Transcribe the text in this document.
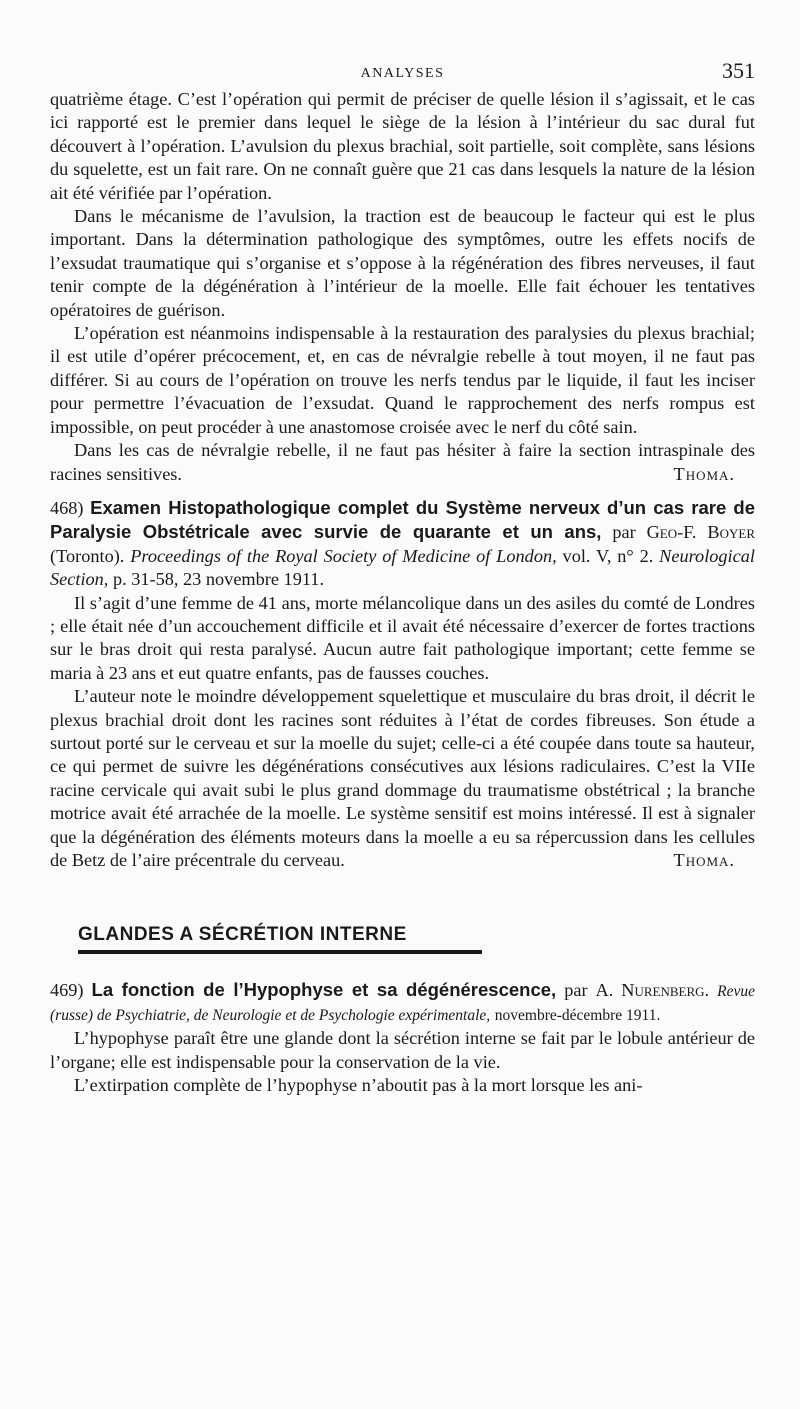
ANALYSES	351

quatrième étage. C’est l’opération qui permit de préciser de quelle lésion il s’agissait, et le cas ici rapporté est le premier dans lequel le siège de la lésion à l’intérieur du sac dural fut découvert à l’opération. L’avulsion du plexus brachial, soit partielle, soit complète, sans lésions du squelette, est un fait rare. On ne connaît guère que 21 cas dans lesquels la nature de la lésion ait été vérifiée par l’opération.

Dans le mécanisme de l’avulsion, la traction est de beaucoup le facteur qui est le plus important. Dans la détermination pathologique des symptômes, outre les effets nocifs de l’exsudat traumatique qui s’organise et s’oppose à la régénération des fibres nerveuses, il faut tenir compte de la dégénération à l’intérieur de la moelle. Elle fait échouer les tentatives opératoires de guérison.

L’opération est néanmoins indispensable à la restauration des paralysies du plexus brachial; il est utile d’opérer précocement, et, en cas de névralgie rebelle à tout moyen, il ne faut pas différer. Si au cours de l’opération on trouve les nerfs tendus par le liquide, il faut les inciser pour permettre l’évacuation de l’exsudat. Quand le rapprochement des nerfs rompus est impossible, on peut procéder à une anastomose croisée avec le nerf du côté sain.

Dans les cas de névralgie rebelle, il ne faut pas hésiter à faire la section intraspinale des racines sensitives.	Thoma.

468) Examen Histopathologique complet du Système nerveux d’un cas rare de Paralysie Obstétricale avec survie de quarante et un ans, par Geo-F. Boyer (Toronto). Proceedings of the Royal Society of Medicine of London, vol. V, n° 2. Neurological Section, p. 31-58, 23 novembre 1911.

Il s’agit d’une femme de 41 ans, morte mélancolique dans un des asiles du comté de Londres ; elle était née d’un accouchement difficile et il avait été nécessaire d’exercer de fortes tractions sur le bras droit qui resta paralysé. Aucun autre fait pathologique important; cette femme se maria à 23 ans et eut quatre enfants, pas de fausses couches.

L’auteur note le moindre développement squelettique et musculaire du bras droit, il décrit le plexus brachial droit dont les racines sont réduites à l’état de cordes fibreuses. Son étude a surtout porté sur le cerveau et sur la moelle du sujet; celle-ci a été coupée dans toute sa hauteur, ce qui permet de suivre les dégénérations consécutives aux lésions radiculaires. C’est la VIIe racine cervicale qui avait subi le plus grand dommage du traumatisme obstétrical ; la branche motrice avait été arrachée de la moelle. Le système sensitif est moins intéressé. Il est à signaler que la dégénération des éléments moteurs dans la moelle a eu sa répercussion dans les cellules de Betz de l’aire précentrale du cerveau.	Thoma.

GLANDES A SÉCRÉTION INTERNE
469) La fonction de l’Hypophyse et sa dégénérescence, par A. Nurenberg. Revue (russe) de Psychiatrie, de Neurologie et de Psychologie expérimentale, novembre-décembre 1911.

L’hypophyse paraît être une glande dont la sécrétion interne se fait par le lobule antérieur de l’organe; elle est indispensable pour la conservation de la vie.

L’extirpation complète de l’hypophyse n’aboutit pas à la mort lorsque les ani-
